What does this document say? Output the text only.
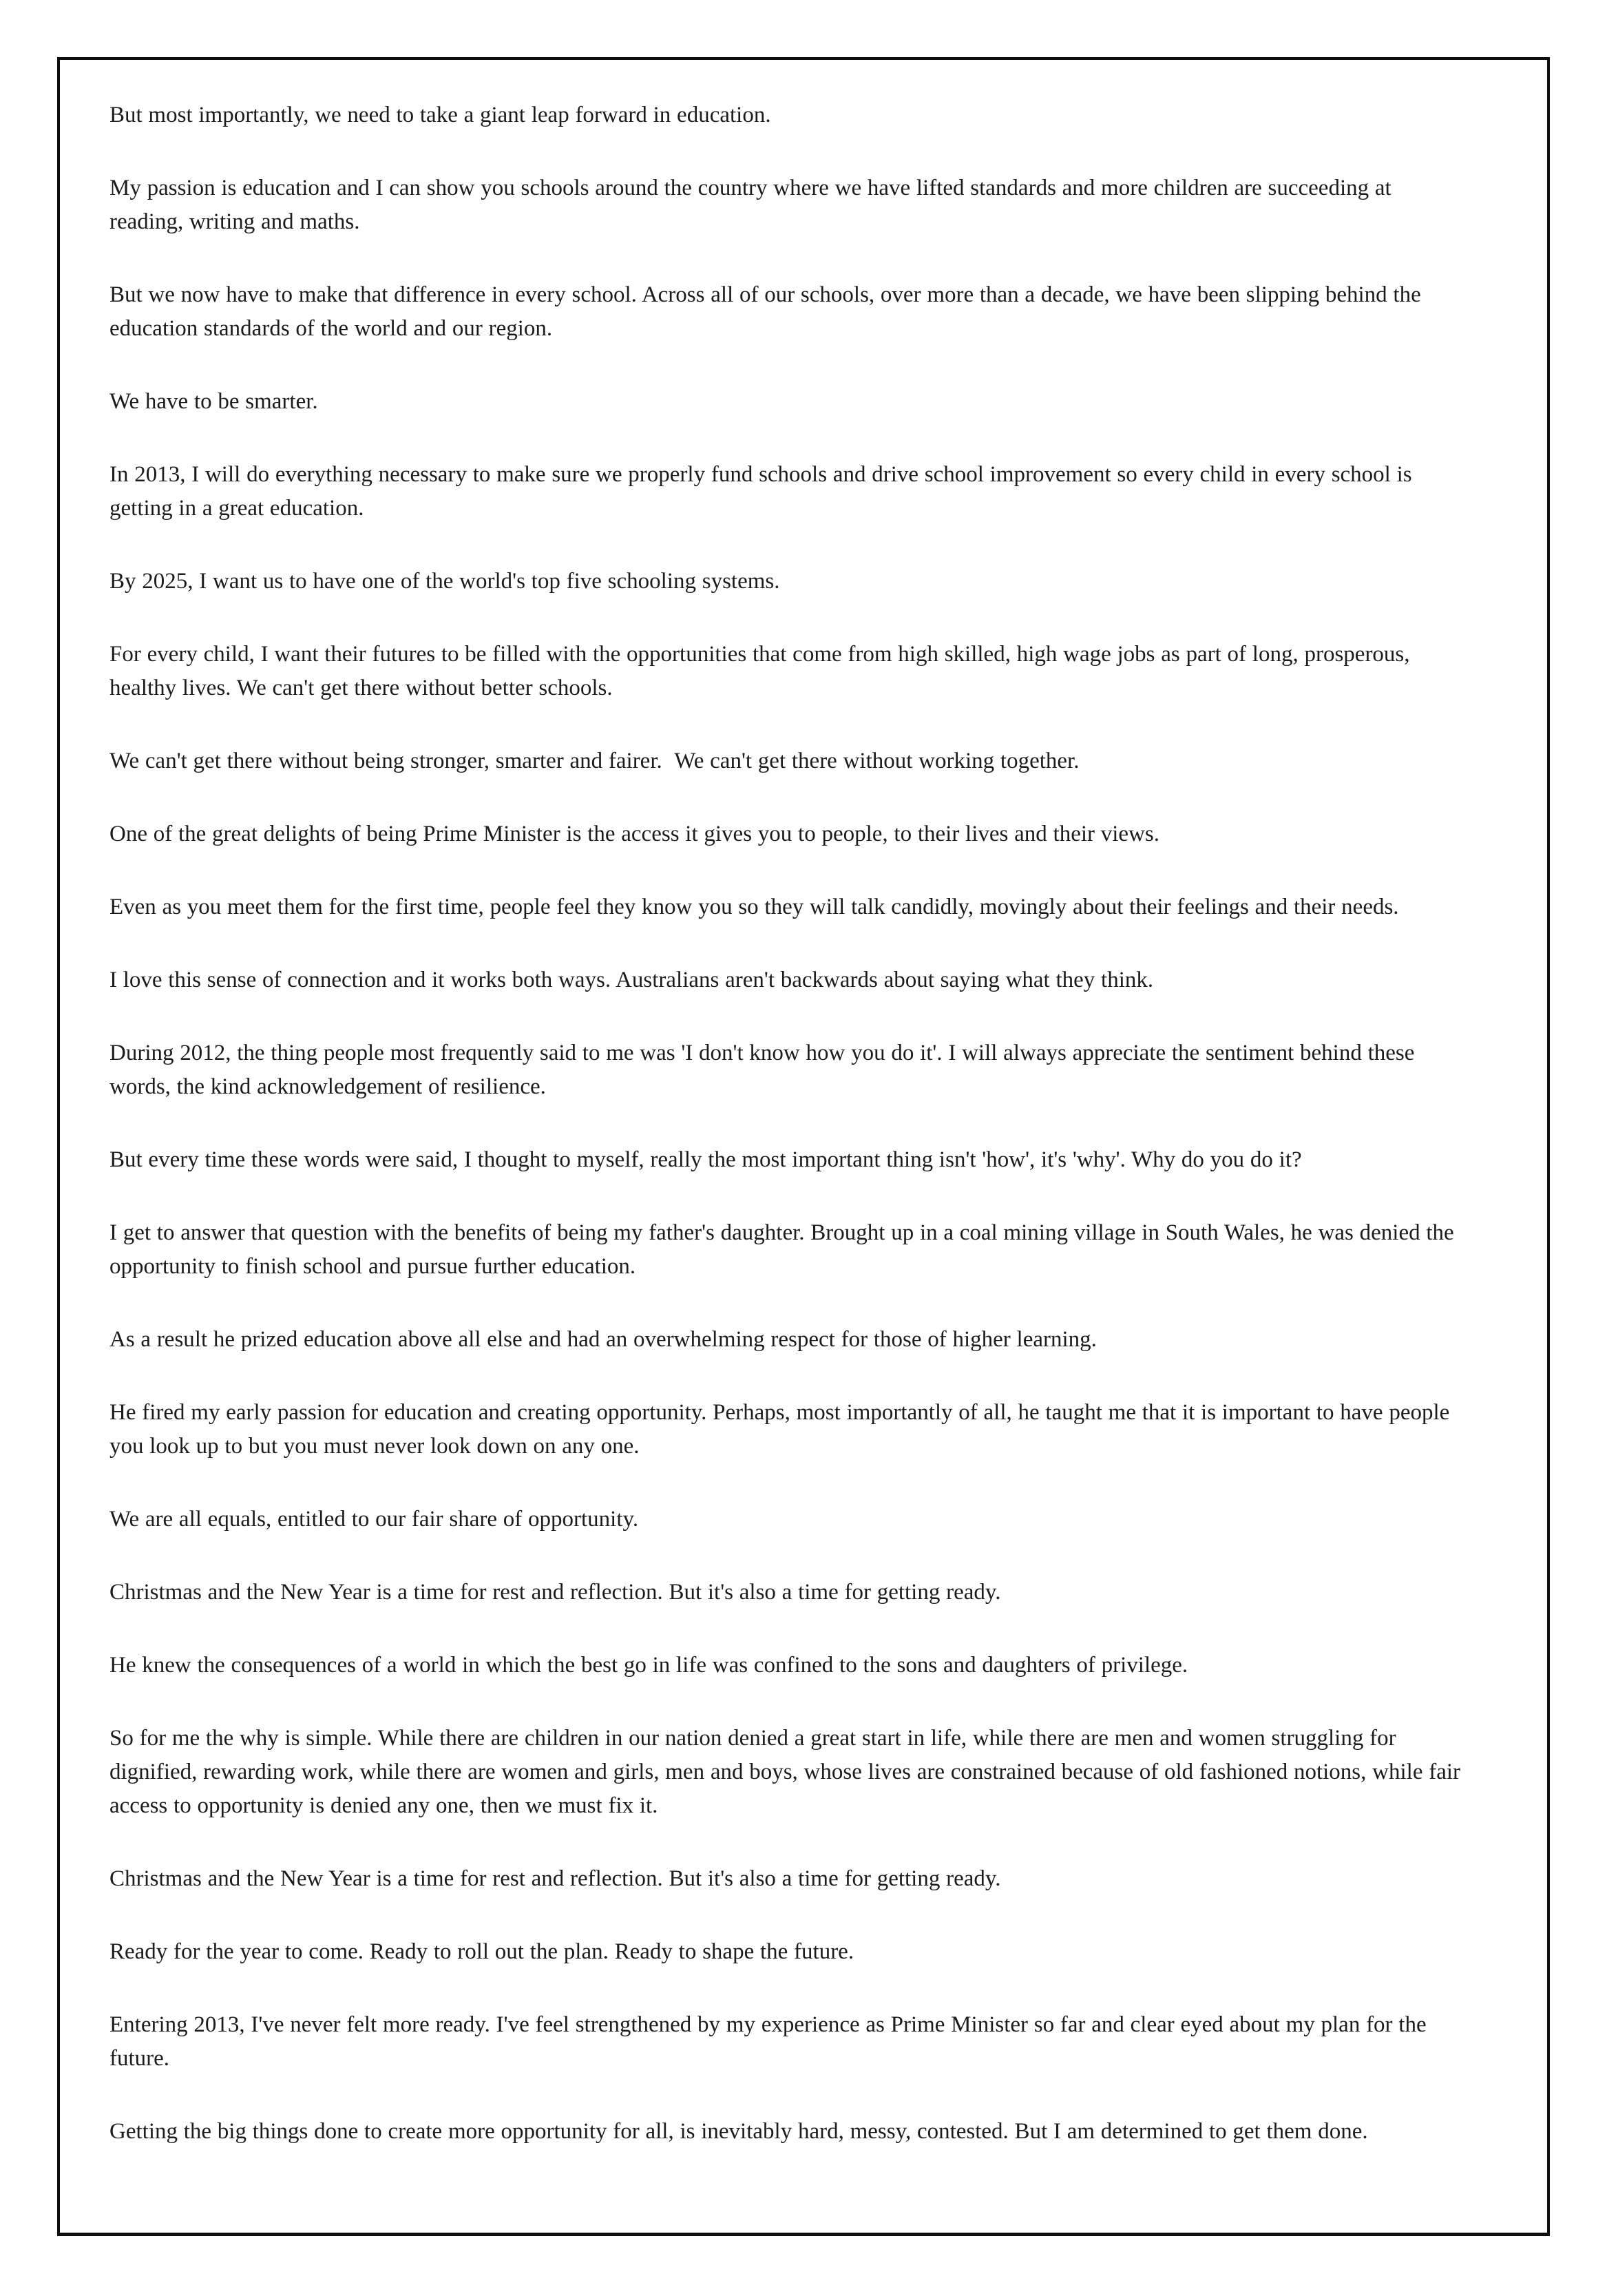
But most importantly, we need to take a giant leap forward in education.

My passion is education and I can show you schools around the country where we have lifted standards and more children are succeeding at reading, writing and maths.

But we now have to make that difference in every school. Across all of our schools, over more than a decade, we have been slipping behind the education standards of the world and our region.

We have to be smarter.

In 2013, I will do everything necessary to make sure we properly fund schools and drive school improvement so every child in every school is getting in a great education.

By 2025, I want us to have one of the world's top five schooling systems.

For every child, I want their futures to be filled with the opportunities that come from high skilled, high wage jobs as part of long, prosperous, healthy lives. We can't get there without better schools.

We can't get there without being stronger, smarter and fairer.  We can't get there without working together.

One of the great delights of being Prime Minister is the access it gives you to people, to their lives and their views.

Even as you meet them for the first time, people feel they know you so they will talk candidly, movingly about their feelings and their needs.

I love this sense of connection and it works both ways. Australians aren't backwards about saying what they think.

During 2012, the thing people most frequently said to me was 'I don't know how you do it'. I will always appreciate the sentiment behind these words, the kind acknowledgement of resilience.

But every time these words were said, I thought to myself, really the most important thing isn't 'how', it's 'why'. Why do you do it?

I get to answer that question with the benefits of being my father's daughter. Brought up in a coal mining village in South Wales, he was denied the opportunity to finish school and pursue further education.

As a result he prized education above all else and had an overwhelming respect for those of higher learning.

He fired my early passion for education and creating opportunity. Perhaps, most importantly of all, he taught me that it is important to have people you look up to but you must never look down on any one.

We are all equals, entitled to our fair share of opportunity.

Christmas and the New Year is a time for rest and reflection. But it's also a time for getting ready.

He knew the consequences of a world in which the best go in life was confined to the sons and daughters of privilege.

So for me the why is simple. While there are children in our nation denied a great start in life, while there are men and women struggling for dignified, rewarding work, while there are women and girls, men and boys, whose lives are constrained because of old fashioned notions, while fair access to opportunity is denied any one, then we must fix it.

Christmas and the New Year is a time for rest and reflection. But it's also a time for getting ready.

Ready for the year to come. Ready to roll out the plan. Ready to shape the future.

Entering 2013, I've never felt more ready. I've feel strengthened by my experience as Prime Minister so far and clear eyed about my plan for the future.

Getting the big things done to create more opportunity for all, is inevitably hard, messy, contested. But I am determined to get them done.
